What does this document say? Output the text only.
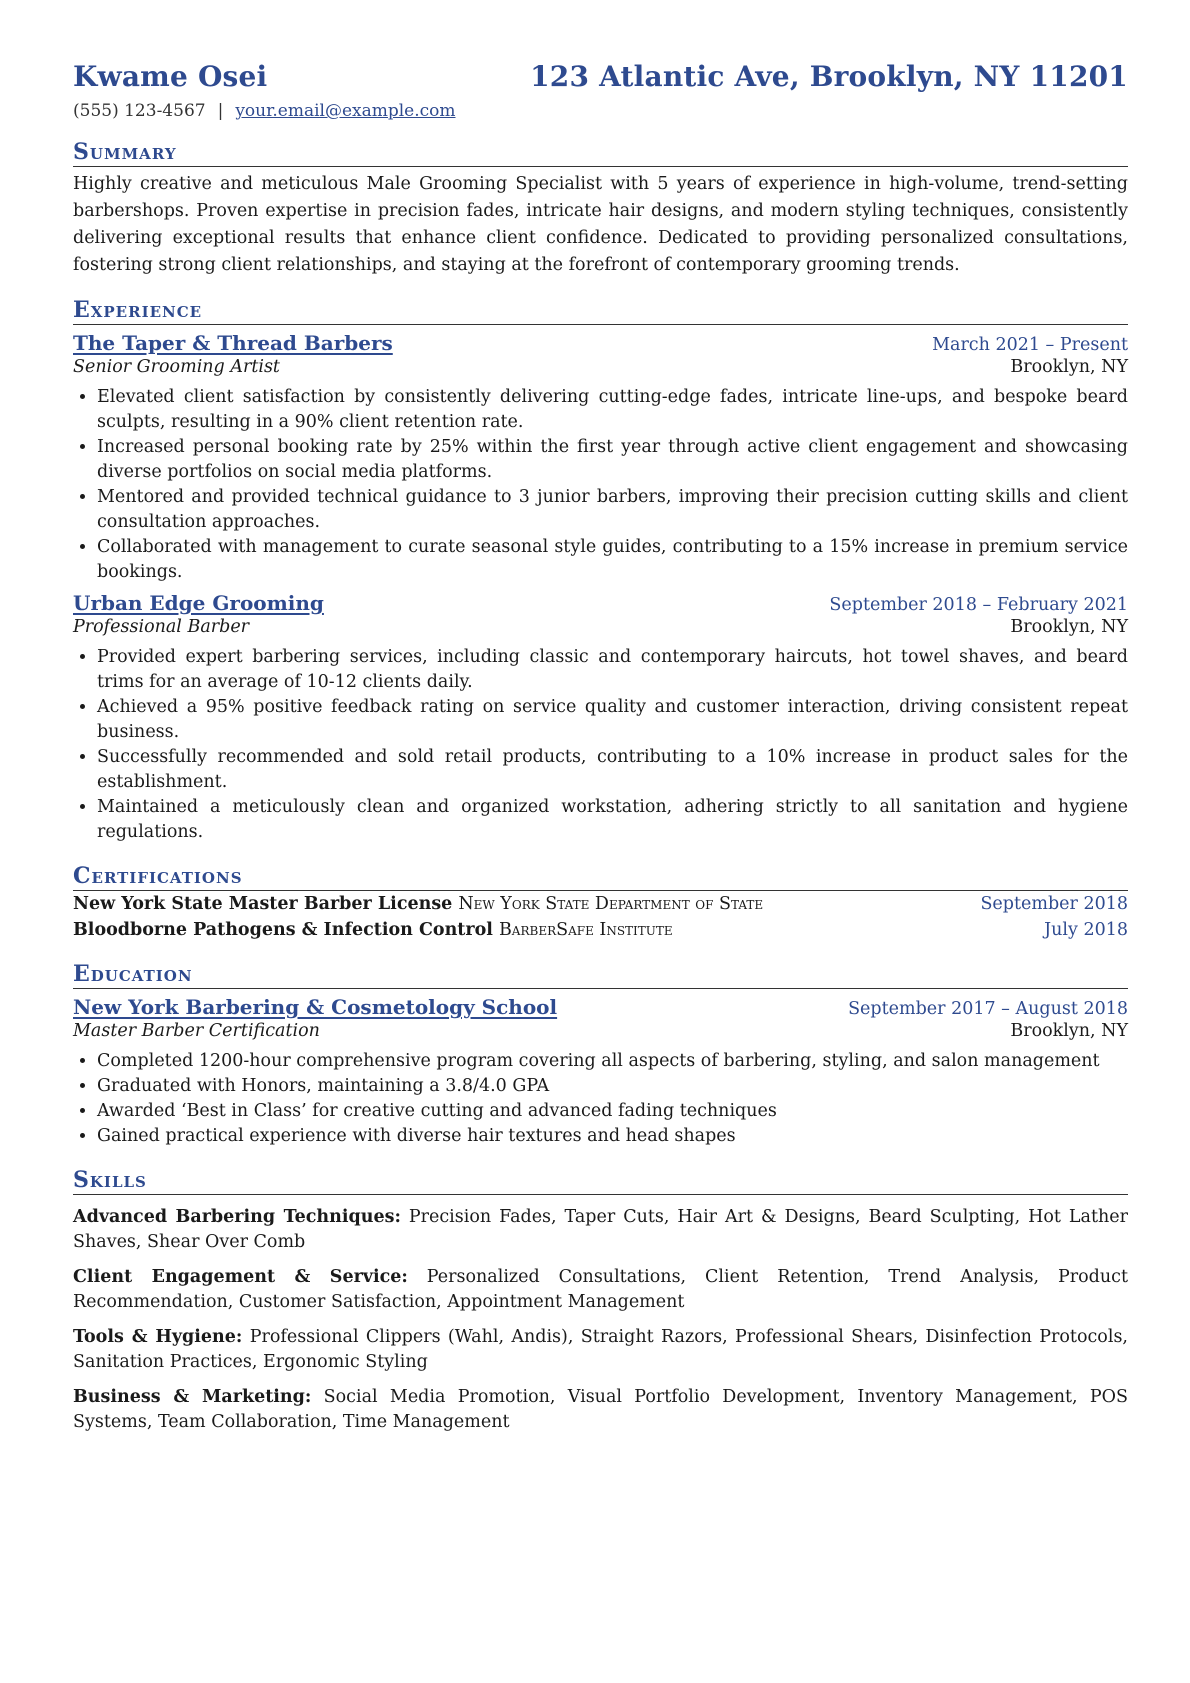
Kwame Osei	123 Atlantic Ave, Brooklyn, NY 11201
(555) 123-4567 | your.email@example.com
Summary
Highly creative and meticulous Male Grooming Specialist with 5 years of experience in high-volume, trend-setting barbershops. Proven expertise in precision fades, intricate hair designs, and modern styling techniques, consistently delivering exceptional results that enhance client confidence. Dedicated to providing personalized consultations, fostering strong client relationships, and staying at the forefront of contemporary grooming trends.
Experience
The Taper & Thread Barbers	March 2021 – Present
Senior Grooming Artist	Brooklyn, NY
• Elevated client satisfaction by consistently delivering cutting-edge fades, intricate line-ups, and bespoke beard sculpts, resulting in a 90% client retention rate.
• Increased personal booking rate by 25% within the first year through active client engagement and showcasing diverse portfolios on social media platforms.
• Mentored and provided technical guidance to 3 junior barbers, improving their precision cutting skills and client consultation approaches.
• Collaborated with management to curate seasonal style guides, contributing to a 15% increase in premium service bookings.
Urban Edge Grooming	September 2018 – February 2021
Professional Barber	Brooklyn, NY
• Provided expert barbering services, including classic and contemporary haircuts, hot towel shaves, and beard trims for an average of 10-12 clients daily.
• Achieved a 95% positive feedback rating on service quality and customer interaction, driving consistent repeat business.
• Successfully recommended and sold retail products, contributing to a 10% increase in product sales for the establishment.
• Maintained a meticulously clean and organized workstation, adhering strictly to all sanitation and hygiene regulations.
Certifications
New York State Master Barber License New York State Department of State	September 2018
Bloodborne Pathogens & Infection Control BarberSafe Institute	July 2018
Education
New York Barbering & Cosmetology School	September 2017 – August 2018
Master Barber Certification	Brooklyn, NY
• Completed 1200-hour comprehensive program covering all aspects of barbering, styling, and salon management
• Graduated with Honors, maintaining a 3.8/4.0 GPA
• Awarded ‘Best in Class’ for creative cutting and advanced fading techniques
• Gained practical experience with diverse hair textures and head shapes
Skills
Advanced Barbering Techniques: Precision Fades, Taper Cuts, Hair Art & Designs, Beard Sculpting, Hot Lather Shaves, Shear Over Comb
Client Engagement & Service: Personalized Consultations, Client Retention, Trend Analysis, Product Recommendation, Customer Satisfaction, Appointment Management
Tools & Hygiene: Professional Clippers (Wahl, Andis), Straight Razors, Professional Shears, Disinfection Protocols, Sanitation Practices, Ergonomic Styling
Business & Marketing: Social Media Promotion, Visual Portfolio Development, Inventory Management, POS Systems, Team Collaboration, Time Management
